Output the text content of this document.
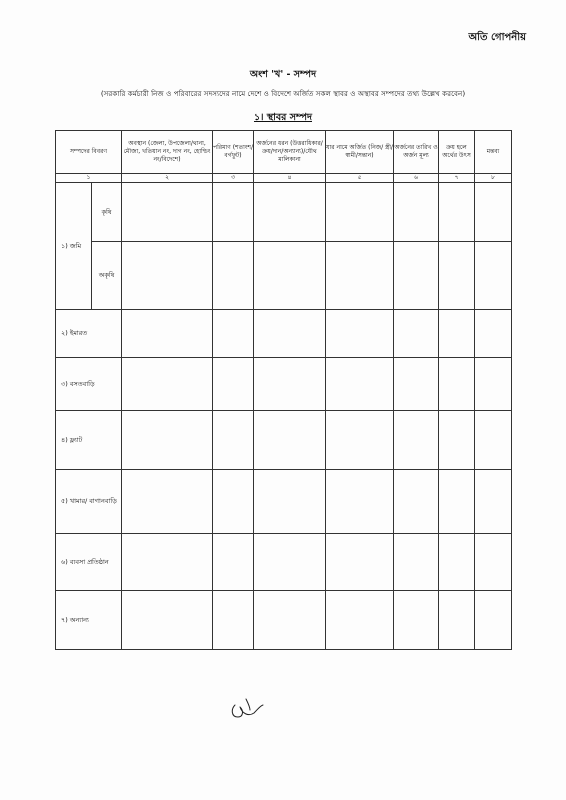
অতি গোপনীয়
অংশ 'খ' - সম্পদ
(সরকারি কর্মচারী নিজ ও পরিবারের সদস্যদের নামে দেশে ও বিদেশে অর্জিত সকল স্থাবর ও অস্থাবর সম্পদের তথ্য উল্লেখ করবেন)
১। স্থাবর সম্পদ
সম্পদের বিবরণ		অবস্থান (জেলা, উপজেলা/থানা, মৌজা, খতিয়ান নং, দাগ নং, হোল্ডিং নং/বিদেশে)	পরিমাণ (শতাংশ/ বর্গফুট)	অর্জনের ধরন (উত্তরাধিকার/ ক্রয়/দান/অন্যান্য)/যৌথ মালিকানা	যার নামে অর্জিত (নিজ/ স্ত্রী/স্বামী/সন্তান)	অর্জনের তারিখ ও অর্জন মূল্য	ক্রয় হলে অর্থের উৎস	মন্তব্য
১		২	৩	৪	৫	৬	৭	৮
১) জমি	কৃষি							
	অকৃষি							
২) ইমারত								
৩) বসতবাড়ি								
৪) ফ্ল্যাট								
৫) খামার/ বাগানবাড়ি								
৬) ব্যবসা প্রতিষ্ঠান								
৭) অন্যান্য								
